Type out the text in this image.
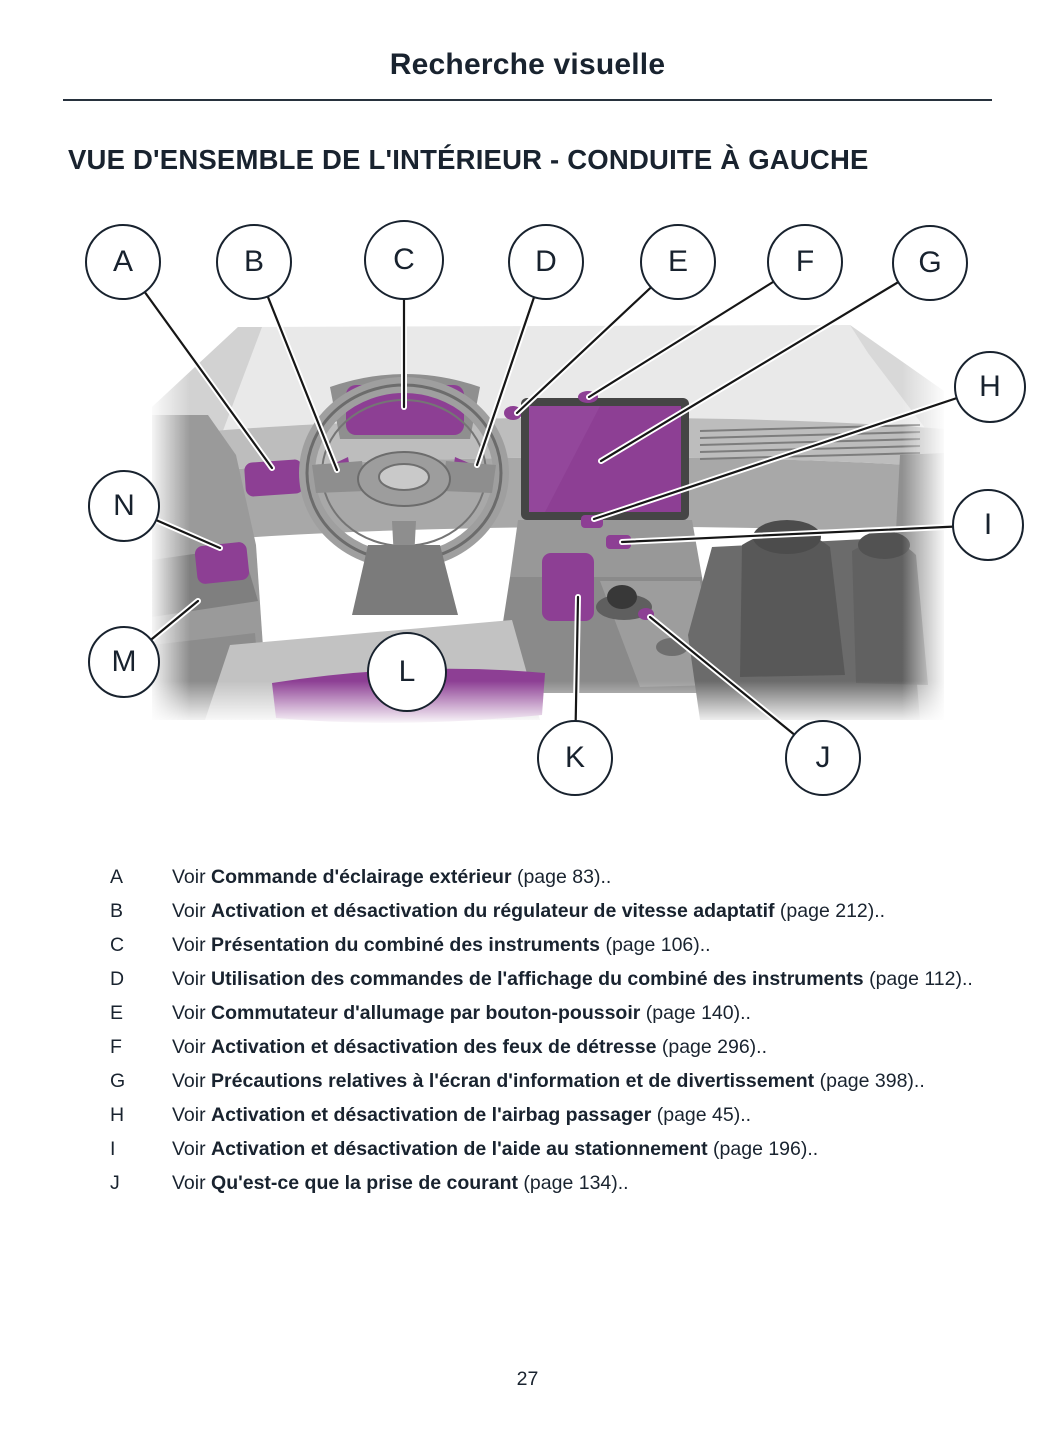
Recherche visuelle
VUE D'ENSEMBLE DE L'INTÉRIEUR - CONDUITE À GAUCHE
A	B	C	D	E	F	G
H
I
J
K
L
M
N
A	Voir Commande d'éclairage extérieur (page 83)..
B	Voir Activation et désactivation du régulateur de vitesse adaptatif (page 212)..
C	Voir Présentation du combiné des instruments (page 106)..
D	Voir Utilisation des commandes de l'affichage du combiné des instruments (page 112)..
E	Voir Commutateur d'allumage par bouton-poussoir (page 140)..
F	Voir Activation et désactivation des feux de détresse (page 296)..
G	Voir Précautions relatives à l'écran d'information et de divertissement (page 398)..
H	Voir Activation et désactivation de l'airbag passager (page 45)..
I	Voir Activation et désactivation de l'aide au stationnement (page 196)..
J	Voir Qu'est-ce que la prise de courant (page 134)..
27
